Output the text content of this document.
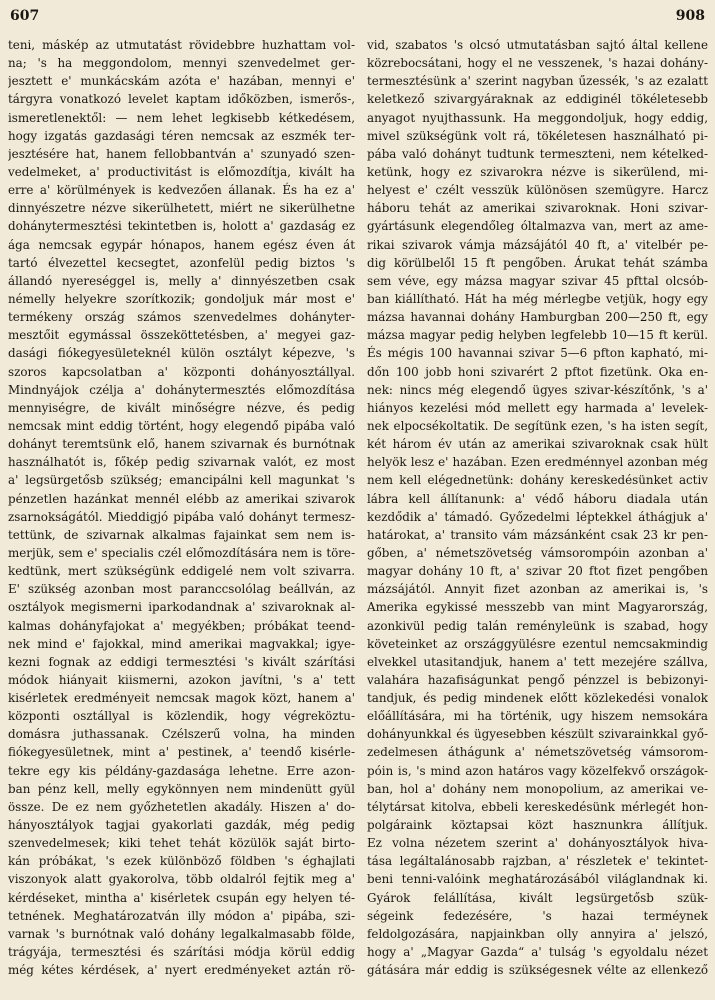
607	908
teni, máskép az utmutatást rövidebbre huzhattam vol-
na; 's ha meggondolom, mennyi szenvedelmet ger-
jesztett e' munkácskám azóta e' hazában, mennyi e'
tárgyra vonatkozó levelet kaptam időközben, ismerős-,
ismeretlenektől: — nem lehet legkisebb kétkedésem,
hogy izgatás gazdasági téren nemcsak az eszmék ter-
jesztésére hat, hanem fellobbantván a' szunyadó szen-
vedelmeket, a' productivitást is előmozdítja, kivált ha
erre a' körülmények is kedvezően állanak. És ha ez a'
dinnyészetre nézve sikerülhetett, miért ne sikerülhetne
dohánytermesztési tekintetben is, holott a' gazdaság ez
ága nemcsak egypár hónapos, hanem egész éven át
tartó élvezettel kecsegtet, azonfelül pedig biztos 's
állandó nyereséggel is, melly a' dinnyészetben csak
némelly helyekre szorítkozik; gondoljuk már most e'
termékeny ország számos szenvedelmes dohányter-
mesztőit egymással összeköttetésben, a' megyei gaz-
dasági fiókegyesületeknél külön osztályt képezve, 's
szoros kapcsolatban a' központi dohányosztállyal.
Mindnyájok czélja a' dohánytermesztés előmozdítása
mennyiségre, de kivált minőségre nézve, és pedig
nemcsak mint eddig történt, hogy elegendő pipába való
dohányt teremtsünk elő, hanem szivarnak és burnótnak
használhatót is, főkép pedig szivarnak valót, ez most
a' legsürgetősb szükség; emancipálni kell magunkat 's
pénzetlen hazánkat mennél elébb az amerikai szivarok
zsarnokságától. Mieddigjó pipába való dohányt termesz-
tettünk, de szivarnak alkalmas fajainkat sem nem is-
merjük, sem e' specialis czél előmozdítására nem is töre-
kedtünk, mert szükségünk eddigelé nem volt szivarra.
E' szükség azonban most paranccsolólag beállván, az
osztályok megismerni iparkodandnak a' szivaroknak al-
kalmas dohányfajokat a' megyékben; próbákat teend-
nek mind e' fajokkal, mind amerikai magvakkal; igye-
kezni fognak az eddigi termesztési 's kivált szárítási
módok hiányait kiismerni, azokon javítni, 's a' tett
kisérletek eredményeit nemcsak magok közt, hanem a'
központi osztállyal is közlendik, hogy végreköztu-
domásra juthassanak. Czélszerű volna, ha minden
fiókegyesületnek, mint a' pestinek, a' teendő kisérle-
tekre egy kis példány-gazdasága lehetne. Erre azon-
ban pénz kell, melly egykönnyen nem mindenütt gyül
össze. De ez nem győzhetetlen akadály. Hiszen a' do-
hányosztályok tagjai gyakorlati gazdák, még pedig
szenvedelmesek; kiki tehet tehát közülök saját birto-
kán próbákat, 's ezek különböző földben 's éghajlati
viszonyok alatt gyakorolva, több oldalról fejtik meg a'
kérdéseket, mintha a' kisérletek csupán egy helyen té-
tetnének. Meghatározatván illy módon a' pipába, szi-
varnak 's burnótnak való dohány legalkalmasabb földe,
trágyája, termesztési és szárítási módja körül eddig
még kétes kérdések, a' nyert eredményeket aztán rö-
vid, szabatos 's olcsó utmutatásban sajtó által kellene
közrebocsátani, hogy el ne vesszenek, 's hazai dohány-
termesztésünk a' szerint nagyban űzessék, 's az ezalatt
keletkező szivargyáraknak az eddiginél tökéletesebb
anyagot nyujthassunk. Ha meggondoljuk, hogy eddig,
mivel szükségünk volt rá, tökéletesen használható pi-
pába való dohányt tudtunk termeszteni, nem kételked-
ketünk, hogy ez szivarokra nézve is sikerülend, mi-
helyest e' czélt vesszük különösen szemügyre. Harcz
háboru tehát az amerikai szivaroknak. Honi szivar-
gyártásunk elegendőleg óltalmazva van, mert az ame-
rikai szivarok vámja mázsájától 40 ft, a' vitelbér pe-
dig körülbelől 15 ft pengőben. Árukat tehát számba
sem véve, egy mázsa magyar szivar 45 pfttal olcsób-
ban kiállítható. Hát ha még mérlegbe vetjük, hogy egy
mázsa havannai dohány Hamburgban 200—250 ft, egy
mázsa magyar pedig helyben legfelebb 10—15 ft kerül.
És mégis 100 havannai szivar 5—6 pfton kapható, mi-
dőn 100 jobb honi szivarért 2 pftot fizetünk. Oka en-
nek: nincs még elegendő ügyes szivar-készítőnk, 's a'
hiányos kezelési mód mellett egy harmada a' levelek-
nek elpocsékoltatik. De segítünk ezen, 's ha isten segít,
két három év után az amerikai szivaroknak csak hült
helyök lesz e' hazában. Ezen eredménnyel azonban még
nem kell elégednetünk: dohány kereskedésünket activ
lábra kell állítanunk: a' védő háboru diadala után
kezdődik a' támadó. Győzedelmi léptekkel áthágjuk a'
határokat, a' transito vám mázsánként csak 23 kr pen-
gőben, a' németszövetség vámsorompóin azonban a'
magyar dohány 10 ft, a' szivar 20 ftot fizet pengőben
mázsájától. Annyit fizet azonban az amerikai is, 's
Amerika egykissé messzebb van mint Magyarország,
azonkivül pedig talán reményleünk is szabad, hogy
követeinket az országgyülésre ezentul nemcsakmindig
elvekkel utasitandjuk, hanem a' tett mezejére szállva,
valahára hazafiságunkat pengő pénzzel is bebizonyi-
tandjuk, és pedig mindenek előtt közlekedési vonalok
előállítására, mi ha történik, ugy hiszem nemsokára
dohányunkkal és ügyesebben készült szivarainkkal győ-
zedelmesen áthágunk a' németszövetség vámsorom-
póin is, 's mind azon határos vagy közelfekvő országok-
ban, hol a' dohány nem monopolium, az amerikai ve-
télytársat kitolva, ebbeli kereskedésünk mérlegét hon-
polgáraink köztapsai közt hasznunkra állítjuk.
Ez volna nézetem szerint a' dohányosztályok hiva-
tása legáltalánosabb rajzban, a' részletek e' tekintet-
beni tenni-valóink meghatározásából világlandnak ki.
Gyárok felállítása, kivált legsürgetősb szük-
ségeink fedezésére, 's hazai terméynek
feldolgozására, napjainkban olly annyira a' jelszó,
hogy a' „Magyar Gazda“ a' tulság 's egyoldalu nézet
gátására már eddig is szükségesnek vélte az ellenkező
